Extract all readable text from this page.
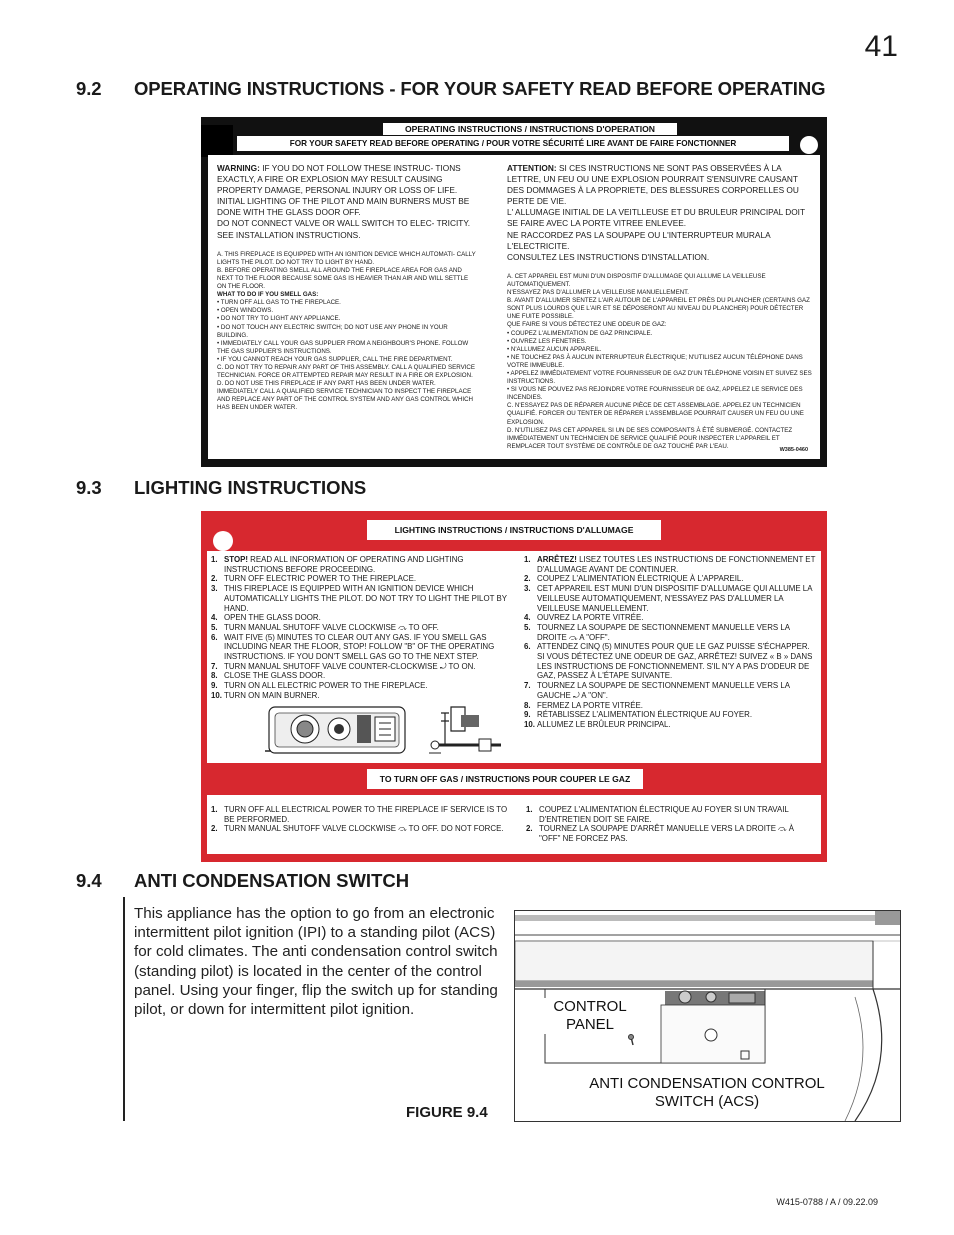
41
9.2 OPERATING INSTRUCTIONS - FOR YOUR SAFETY READ BEFORE OPERATING
OPERATING INSTRUCTIONS / INSTRUCTIONS D'OPERATION
FOR YOUR SAFETY READ BEFORE OPERATING / POUR VOTRE SÉCURITÉ LIRE AVANT DE FAIRE FONCTIONNER

WARNING: IF YOU DO NOT FOLLOW THESE INSTRUC- TIONS EXACTLY, A FIRE OR EXPLOSION MAY RESULT CAUSING PROPERTY DAMAGE, PERSONAL INJURY OR LOSS OF LIFE.

INITIAL LIGHTING OF THE PILOT AND MAIN BURNERS MUST BE DONE WITH THE GLASS DOOR OFF.

DO NOT CONNECT VALVE OR WALL SWITCH TO ELEC- TRICITY. SEE INSTALLATION INSTRUCTIONS.

A. THIS FIREPLACE IS EQUIPPED WITH AN IGNITION DEVICE WHICH AUTOMATI- CALLY LIGHTS THE PILOT. DO NOT TRY TO LIGHT BY HAND.

B. BEFORE OPERATING SMELL ALL AROUND THE FIREPLACE AREA FOR GAS AND NEXT TO THE FLOOR BECAUSE SOME GAS IS HEAVIER THAN AIR AND WILL SETTLE ON THE FLOOR.

WHAT TO DO IF YOU SMELL GAS:

• TURN OFF ALL GAS TO THE FIREPLACE.

• OPEN WINDOWS.

• DO NOT TRY TO LIGHT ANY APPLIANCE.

• DO NOT TOUCH ANY ELECTRIC SWITCH; DO NOT USE ANY PHONE IN YOUR BUILDING.

• IMMEDIATELY CALL YOUR GAS SUPPLIER FROM A NEIGHBOUR'S PHONE. FOLLOW THE GAS SUPPLIER'S INSTRUCTIONS.

• IF YOU CANNOT REACH YOUR GAS SUPPLIER, CALL THE FIRE DEPARTMENT.

C. DO NOT TRY TO REPAIR ANY PART OF THIS ASSEMBLY. CALL A QUALIFIED SERVICE TECHNICIAN. FORCE OR ATTEMPTED REPAIR MAY RESULT IN A FIRE OR EXPLOSION.

D. DO NOT USE THIS FIREPLACE IF ANY PART HAS BEEN UNDER WATER. IMMEDIATELY CALL A QUALIFIED SERVICE TECHNICIAN TO INSPECT THE FIREPLACE AND REPLACE ANY PART OF THE CONTROL SYSTEM AND ANY GAS CONTROL WHICH HAS BEEN UNDER WATER.

ATTENTION: SI CES INSTRUCTIONS NE SONT PAS OBSERVÉES À LA LETTRE, UN FEU OU UNE EXPLOSION POURRAIT S'ENSUIVRE CAUSANT DES DOMMAGES À LA PROPRIETE, DES BLESSURES CORPORELLES OU PERTE DE VIE.

L' ALLUMAGE INITIAL DE LA VEITLLEUSE ET DU BRULEUR PRINCIPAL DOIT SE FAIRE AVEC LA PORTE VITREE ENLEVEE.

NE RACCORDEZ PAS LA SOUPAPE OU L'INTERRUPTEUR MURALA L'ELECTRICITE.

CONSULTEZ LES INSTRUCTIONS D'INSTALLATION.

A. CET APPAREIL EST MUNI D'UN DISPOSITIF D'ALLUMAGE QUI ALLUME LA VEILLEUSE AUTOMATIQUEMENT.

N'ESSAYEZ PAS D'ALLUMER LA VEILLEUSE MANUELLEMENT.

B. AVANT D'ALLUMER SENTEZ L'AIR AUTOUR DE L'APPAREIL ET PRÈS DU PLANCHER (CERTAINS GAZ SONT PLUS LOURDS QUE L'AIR ET SE DÉPOSERONT AU NIVEAU DU PLANCHER) POUR DÉTECTER UNE FUITE POSSIBLE.

QUE FAIRE SI VOUS DÉTECTEZ UNE ODEUR DE GAZ:

• COUPEZ L'ALIMENTATION DE GAZ PRINCIPALE.

• OUVREZ LES FENETRES.

• N'ALLUMEZ AUCUN APPAREIL.

• NE TOUCHEZ PAS À AUCUN INTERRUPTEUR ÉLECTRIQUE; N'UTILISEZ AUCUN TÉLÉPHONE DANS VOTRE IMMEUBLE.

• APPELEZ IMMÉDIATEMENT VOTRE FOURNISSEUR DE GAZ D'UN TÉLÉPHONE VOISIN ET SUIVEZ SES INSTRUCTIONS.

• SI VOUS NE POUVEZ PAS REJOINDRE VOTRE FOURNISSEUR DE GAZ, APPELEZ LE SERVICE DES INCENDIES.

C. N'ESSAYEZ PAS DE RÉPARER AUCUNE PIÈCE DE CET ASSEMBLAGE. APPELEZ UN TECHNICIEN QUALIFIÉ. FORCER OU TENTER DE RÉPARER L'ASSEMBLAGE POURRAIT CAUSER UN FEU OU UNE EXPLOSION.

D. N'UTILISEZ PAS CET APPAREIL SI UN DE SES COMPOSANTS À ÉTÉ SUBMERGÉ. CONTACTEZ IMMÉDIATEMENT UN TECHNICIEN DE SERVICE QUALIFIÉ POUR INSPECTER L'APPAREIL ET REMPLACER TOUT SYSTÈME DE CONTRÔLE DE GAZ TOUCHÉ PAR L'EAU.

W385-0460
9.3 LIGHTING INSTRUCTIONS
LIGHTING INSTRUCTIONS / INSTRUCTIONS D'ALLUMAGE
1. STOP! READ ALL INFORMATION OF OPERATING AND LIGHTING INSTRUCTIONS BEFORE PROCEEDING.
2. TURN OFF ELECTRIC POWER TO THE FIREPLACE.
3. THIS FIREPLACE IS EQUIPPED WITH AN IGNITION DEVICE WHICH AUTOMATICALLY LIGHTS THE PILOT. DO NOT TRY TO LIGHT THE PILOT BY HAND.
4. OPEN THE GLASS DOOR.
5. TURN MANUAL SHUTOFF VALVE CLOCKWISE ⤼ TO OFF.
6. WAIT FIVE (5) MINUTES TO CLEAR OUT ANY GAS. IF YOU SMELL GAS INCLUDING NEAR THE FLOOR, STOP! FOLLOW "B" OF THE OPERATING INSTRUCTIONS. IF YOU DON'T SMELL GAS GO TO THE NEXT STEP.
7. TURN MANUAL SHUTOFF VALVE COUNTER-CLOCKWISE ⤾ TO ON.
8. CLOSE THE GLASS DOOR.
9. TURN ON ALL ELECTRIC POWER TO THE FIREPLACE.
10. TURN ON MAIN BURNER.
1. ARRÊTEZ! LISEZ TOUTES LES INSTRUCTIONS DE FONCTIONNEMENT ET D'ALLUMAGE AVANT DE CONTINUER.
2. COUPEZ L'ALIMENTATION ÉLECTRIQUE À L'APPAREIL.
3. CET APPAREIL EST MUNI D'UN DISPOSITIF D'ALLUMAGE QUI ALLUME LA VEILLEUSE AUTOMATIQUEMENT, N'ESSAYEZ PAS D'ALLUMER LA VEILLEUSE MANUELLEMENT.
4. OUVREZ LA PORTE VITRÉE.
5. TOURNEZ LA SOUPAPE DE SECTIONNEMENT MANUELLE VERS LA DROITE ⤼ A "OFF".
6. ATTENDEZ CINQ (5) MINUTES POUR QUE LE GAZ PUISSE S'ÉCHAPPER. SI VOUS DÉTECTEZ UNE ODEUR DE GAZ, ARRÊTEZ! SUIVEZ « B » DANS LES INSTRUCTIONS DE FONCTIONNEMENT. S'IL N'Y A PAS D'ODEUR DE GAZ, PASSEZ À L'ÉTAPE SUIVANTE.
7. TOURNEZ LA SOUPAPE DE SECTIONNEMENT MANUELLE VERS LA GAUCHE ⤾ A "ON".
8. FERMEZ LA PORTE VITRÉE.
9. RÉTABLISSEZ L'ALIMENTATION ÉLECTRIQUE AU FOYER.
10. ALLUMEZ LE BRÛLEUR PRINCIPAL.
TO TURN OFF GAS / INSTRUCTIONS POUR COUPER LE GAZ
1. TURN OFF ALL ELECTRICAL POWER TO THE FIREPLACE IF SERVICE IS TO BE PERFORMED.
2. TURN MANUAL SHUTOFF VALVE CLOCKWISE ⤼ TO OFF. DO NOT FORCE.
1. COUPEZ L'ALIMENTATION ÉLECTRIQUE AU FOYER SI UN TRAVAIL D'ENTRETIEN DOIT SE FAIRE.
2. TOURNEZ LA SOUPAPE D'ARRÊT MANUELLE VERS LA DROITE ⤼ À "OFF" NE FORCEZ PAS.
9.4 ANTI CONDENSATION SWITCH
This appliance has the option to go from an electronic intermittent pilot ignition (IPI) to a standing pilot (ACS) for cold climates. The anti condensation control switch (standing pilot) is located in the center of the control panel. Using your finger, flip the switch up for standing pilot, or down for intermittent pilot ignition.
FIGURE 9.4
CONTROL PANEL
ANTI CONDENSATION CONTROL SWITCH (ACS)
W415-0788 / A / 09.22.09
